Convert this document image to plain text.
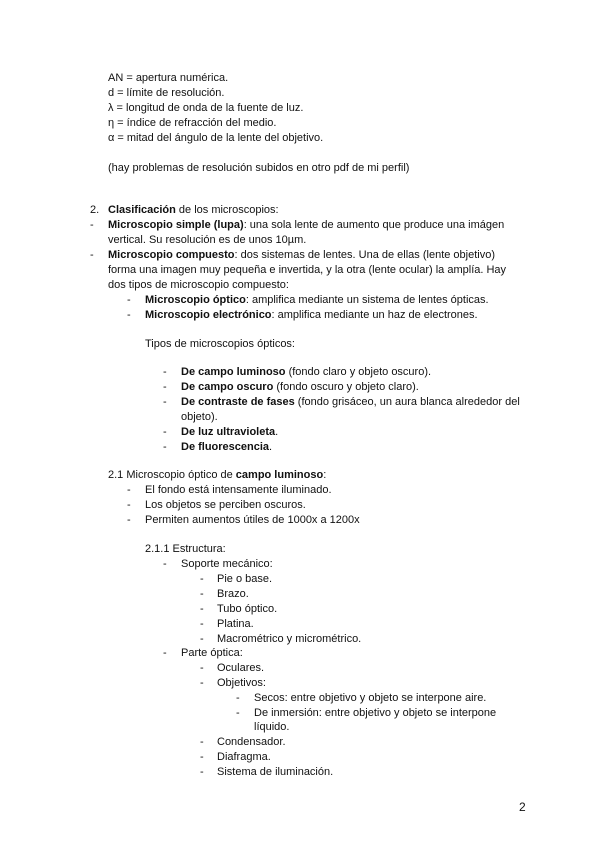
AN = apertura numérica.
d = límite de resolución.
λ = longitud de onda de la fuente de luz.
η = índice de refracción del medio.
α = mitad del ángulo de la lente del objetivo.
(hay problemas de resolución subidos en otro pdf de mi perfil)
2. Clasificación de los microscopios:
- Microscopio simple (lupa): una sola lente de aumento que produce una imágen
vertical. Su resolución es de unos 10µm.
- Microscopio compuesto: dos sistemas de lentes. Una de ellas (lente objetivo)
forma una imagen muy pequeña e invertida, y la otra (lente ocular) la amplía. Hay
dos tipos de microscopio compuesto:
- Microscopio óptico: amplifica mediante un sistema de lentes ópticas.
- Microscopio electrónico: amplifica mediante un haz de electrones.
Tipos de microscopios ópticos:
- De campo luminoso (fondo claro y objeto oscuro).
- De campo oscuro (fondo oscuro y objeto claro).
- De contraste de fases (fondo grisáceo, un aura blanca alrededor del
objeto).
- De luz ultravioleta.
- De fluorescencia.
2.1 Microscopio óptico de campo luminoso:
- El fondo está intensamente iluminado.
- Los objetos se perciben oscuros.
- Permiten aumentos útiles de 1000x a 1200x
2.1.1 Estructura:
- Soporte mecánico:
- Pie o base.
- Brazo.
- Tubo óptico.
- Platina.
- Macrométrico y micrométrico.
- Parte óptica:
- Oculares.
- Objetivos:
- Secos: entre objetivo y objeto se interpone aire.
- De inmersión: entre objetivo y objeto se interpone
líquido.
- Condensador.
- Diafragma.
- Sistema de iluminación.
2
